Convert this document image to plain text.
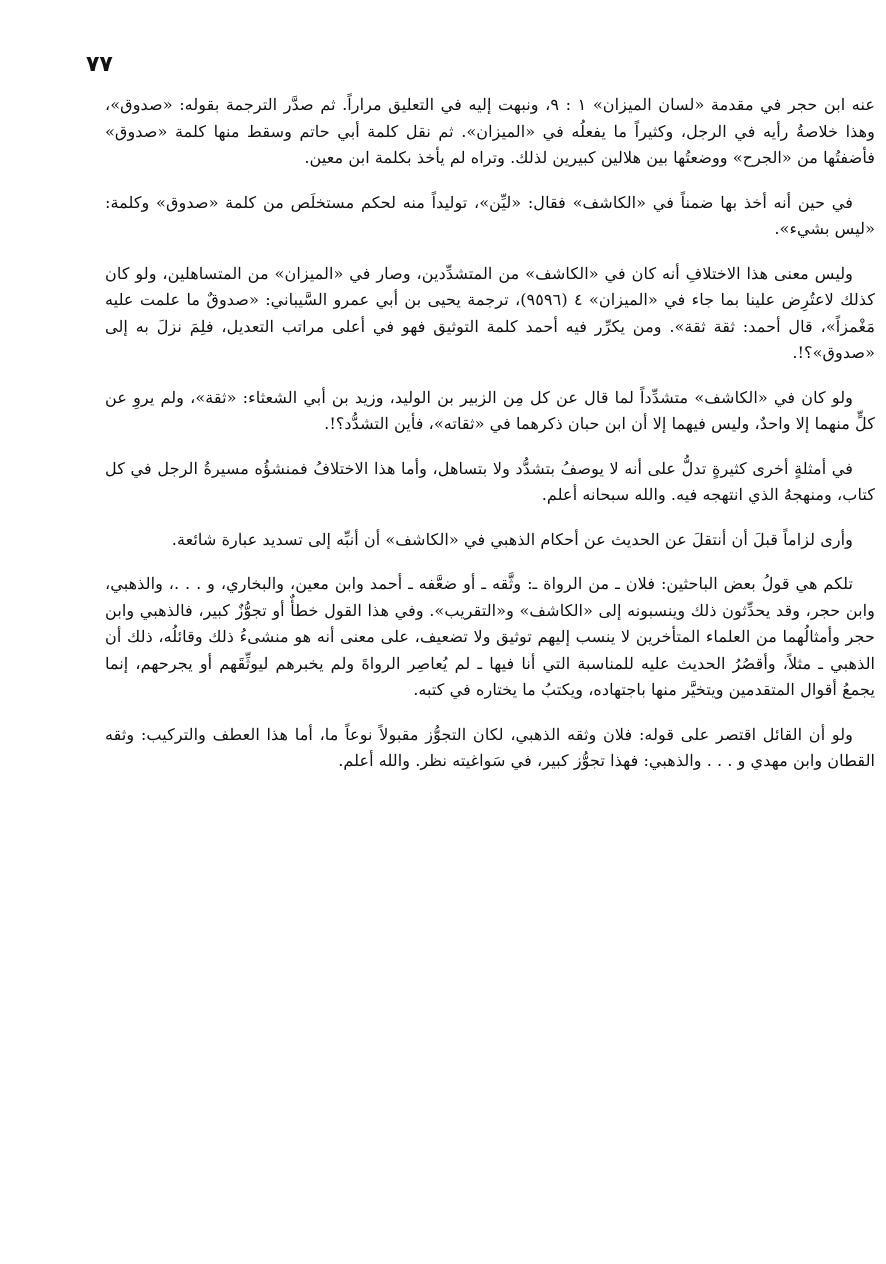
٧٧

عنه ابن حجر في مقدمة «لسان الميزان» ١ : ٩، ونبهت إليه في التعليق مراراً. ثم صدَّر الترجمة بقوله: «صدوق»، وهذا خلاصةُ رأيه في الرجل، وكثيراً ما يفعلُه في «الميزان». ثم نقل كلمة أبي حاتم وسقط منها كلمة «صدوق» فأضفتُها من «الجرح» ووضعتُها بين هلالين كبيرين لذلك. وتراه لم يأخذ بكلمة ابن معين.

في حين أنه أخذ بها ضمناً في «الكاشف» فقال: «ليِّن»، توليداً منه لحكم مستخلَص من كلمة «صدوق» وكلمة: «ليس بشيء».

وليس معنى هذا الاختلافِ أنه كان في «الكاشف» من المتشدِّدين، وصار في «الميزان» من المتساهلين، ولو كان كذلك لاعتُرِض علينا بما جاء في «الميزان» ٤ (٩٥٩٦)، ترجمة يحيى بن أبي عمرو السَّيباني: «صدوقٌ ما علمت عليه مَغْمزاً»، قال أحمد: ثقة ثقة». ومن يكرِّر فيه أحمد كلمة التوثيق فهو في أعلى مراتب التعديل، فلِمَ نزلَ به إلى «صدوق»؟!.

ولو كان في «الكاشف» متشدِّداً لما قال عن كل مِن الزبير بن الوليد، وزيد بن أبي الشعثاء: «ثقة»، ولم يروِ عن كلٍّ منهما إلا واحدٌ، وليس فيهما إلا أن ابن حبان ذكرهما في «ثقاته»، فأين التشدُّد؟!.

في أمثلةٍ أخرى كثيرةٍ تدلُّ على أنه لا يوصفُ بتشدُّد ولا بتساهل، وأما هذا الاختلافُ فمنشؤُه مسيرةُ الرجل في كل كتاب، ومنهجهُ الذي انتهجه فيه. والله سبحانه أعلم.

وأرى لزاماً قبلَ أن أنتقلَ عن الحديث عن أحكام الذهبي في «الكاشف» أن أنبِّه إلى تسديد عبارة شائعة.

تلكم هي قولُ بعض الباحثين: فلان ـ من الرواة ـ: وثَّقه ـ أو ضعَّفه ـ أحمد وابن معين، والبخاري، و . . .، والذهبي، وابن حجر، وقد يحدِّثون ذلك وينسبونه إلى «الكاشف» و«التقريب». وفي هذا القول خطأٌ أو تجوُّزٌ كبير، فالذهبي وابن حجر وأمثالُهما من العلماء المتأخرين لا ينسب إليهم توثيق ولا تضعيف، على معنى أنه هو منشىءُ ذلك وقائلُه، ذلك أن الذهبي ـ مثلاً، وأقصُرُ الحديث عليه للمناسبة التي أنا فيها ـ لم يُعاصِر الرواةَ ولم يخبرهم ليوثِّقَهم أو يجرحهم، إنما يجمعُ أقوال المتقدمين ويتخيَّر منها باجتهاده، ويكتبُ ما يختاره في كتبه.

ولو أن القائل اقتصر على قوله: فلان وثقه الذهبي، لكان التجوُّز مقبولاً نوعاً ما، أما هذا العطف والتركيب: وثقه القطان وابن مهدي و . . . والذهبي: فهذا تجوُّز كبير، في سَواغيته نظر. والله أعلم.
